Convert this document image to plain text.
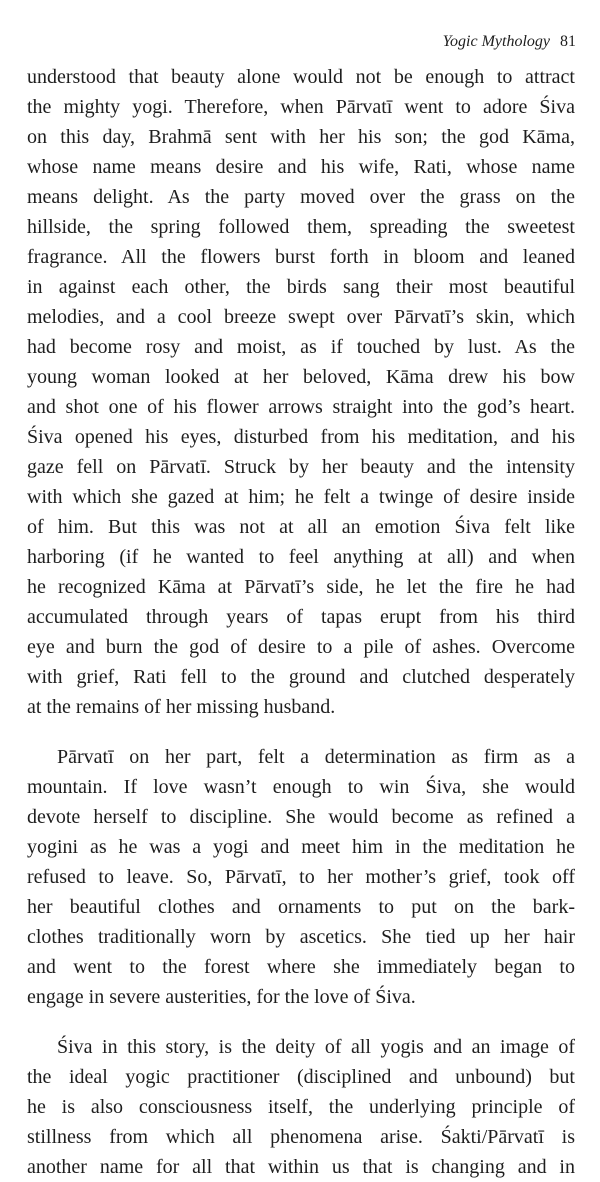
Yogic Mythology 81
understood that beauty alone would not be enough to attract
the mighty yogi. Therefore, when Pārvatī went to adore Śiva
on this day, Brahmā sent with her his son; the god Kāma,
whose name means desire and his wife, Rati, whose name
means delight. As the party moved over the grass on the
hillside, the spring followed them, spreading the sweetest
fragrance. All the flowers burst forth in bloom and leaned
in against each other, the birds sang their most beautiful
melodies, and a cool breeze swept over Pārvatī’s skin, which
had become rosy and moist, as if touched by lust. As the
young woman looked at her beloved, Kāma drew his bow
and shot one of his flower arrows straight into the god’s heart.
Śiva opened his eyes, disturbed from his meditation, and his
gaze fell on Pārvatī. Struck by her beauty and the intensity
with which she gazed at him; he felt a twinge of desire inside
of him. But this was not at all an emotion Śiva felt like
harboring (if he wanted to feel anything at all) and when
he recognized Kāma at Pārvatī’s side, he let the fire he had
accumulated through years of tapas erupt from his third
eye and burn the god of desire to a pile of ashes. Overcome
with grief, Rati fell to the ground and clutched desperately
at the remains of her missing husband.
Pārvatī on her part, felt a determination as firm as a
mountain. If love wasn’t enough to win Śiva, she would
devote herself to discipline. She would become as refined a
yogini as he was a yogi and meet him in the meditation he
refused to leave. So, Pārvatī, to her mother’s grief, took off
her beautiful clothes and ornaments to put on the bark-
clothes traditionally worn by ascetics. She tied up her hair
and went to the forest where she immediately began to
engage in severe austerities, for the love of Śiva.
Śiva in this story, is the deity of all yogis and an image of
the ideal yogic practitioner (disciplined and unbound) but
he is also consciousness itself, the underlying principle of
stillness from which all phenomena arise. Śakti/Pārvatī is
another name for all that within us that is changing and in
